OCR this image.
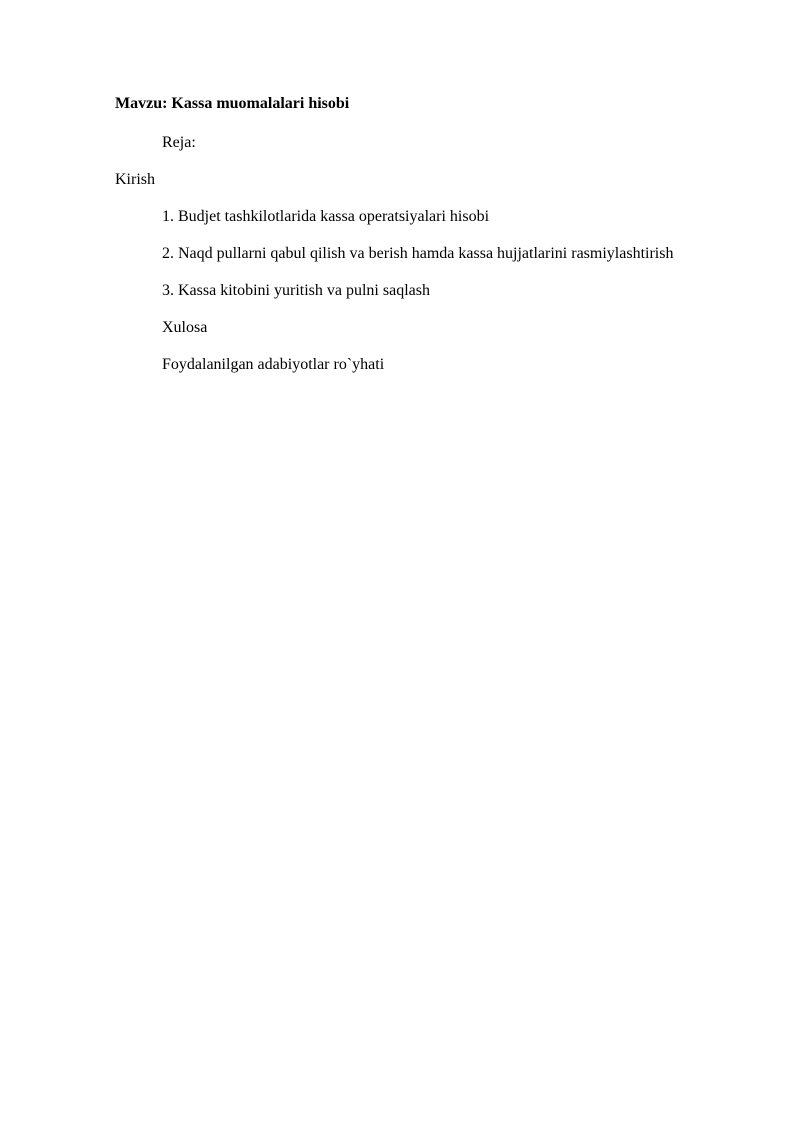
Mavzu: Kassa muomalalari hisobi
Reja:
Kirish
1. Budjet tashkilotlarida kassa operatsiyalari hisobi
2. Naqd pullarni qabul qilish va berish hamda kassa hujjatlarini rasmiylashtirish
3. Kassa kitobini yuritish va pulni saqlash
Xulosa
Foydalanilgan adabiyotlar ro`yhati
